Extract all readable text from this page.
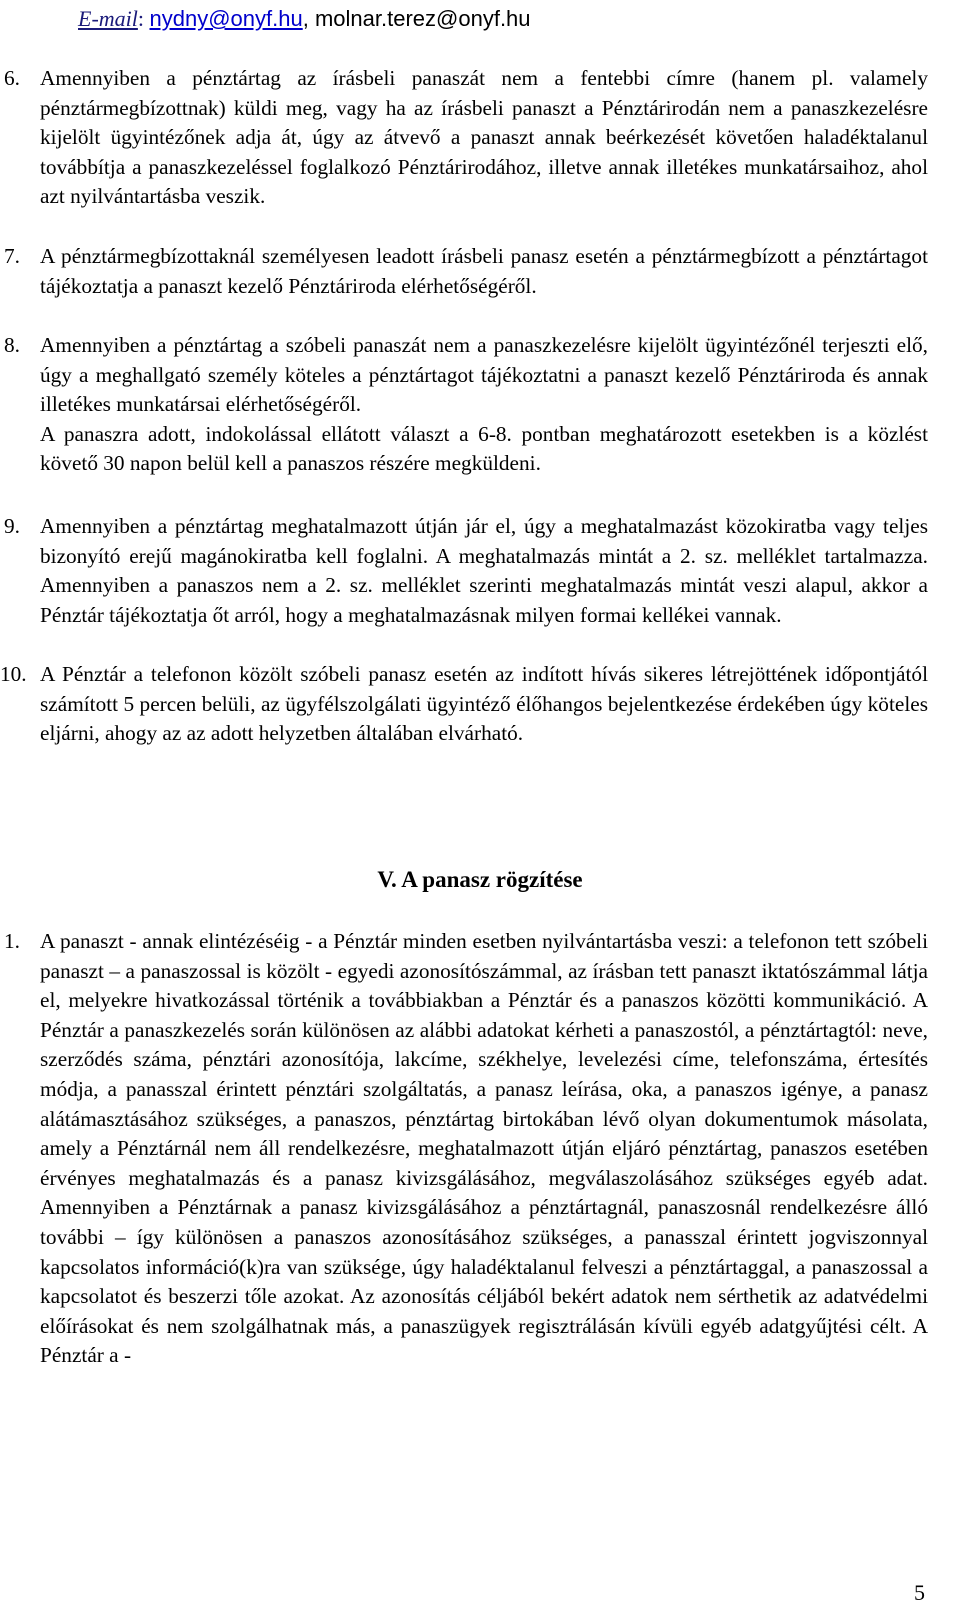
E-mail: nydny@onyf.hu, molnar.terez@onyf.hu
6. Amennyiben a pénztártag az írásbeli panaszát nem a fentebbi címre (hanem pl. valamely pénztármegbízottnak) küldi meg, vagy ha az írásbeli panaszt a Pénztárirodán nem a panaszkezelésre kijelölt ügyintézőnek adja át, úgy az átvevő a panaszt annak beérkezését követően haladéktalanul továbbítja a panaszkezeléssel foglalkozó Pénztárirodához, illetve annak illetékes munkatársaihoz, ahol azt nyilvántartásba veszik.

7. A pénztármegbízottaknál személyesen leadott írásbeli panasz esetén a pénztármegbízott a pénztártagot tájékoztatja a panaszt kezelő Pénztáriroda elérhetőségéről.

8. Amennyiben a pénztártag a szóbeli panaszát nem a panaszkezelésre kijelölt ügyintézőnél terjeszti elő, úgy a meghallgató személy köteles a pénztártagot tájékoztatni a panaszt kezelő Pénztáriroda és annak illetékes munkatársai elérhetőségéről.

A panaszra adott, indokolással ellátott választ a 6-8. pontban meghatározott esetekben is a közlést követő 30 napon belül kell a panaszos részére megküldeni.

9. Amennyiben a pénztártag meghatalmazott útján jár el, úgy a meghatalmazást közokiratba vagy teljes bizonyító erejű magánokiratba kell foglalni. A meghatalmazás mintát a 2. sz. melléklet tartalmazza. Amennyiben a panaszos nem a 2. sz. melléklet szerinti meghatalmazás mintát veszi alapul, akkor a Pénztár tájékoztatja őt arról, hogy a meghatalmazásnak milyen formai kellékei vannak.

10. A Pénztár a telefonon közölt szóbeli panasz esetén az indított hívás sikeres létrejöttének időpontjától számított 5 percen belüli, az ügyfélszolgálati ügyintéző élőhangos bejelentkezése érdekében úgy köteles eljárni, ahogy az az adott helyzetben általában elvárható.

V. A panasz rögzítése
1. A panaszt - annak elintézéséig - a Pénztár minden esetben nyilvántartásba veszi: a telefonon tett szóbeli panaszt – a panaszossal is közölt - egyedi azonosítószámmal, az írásban tett panaszt iktatószámmal látja el, melyekre hivatkozással történik a továbbiakban a Pénztár és a panaszos közötti kommunikáció. A Pénztár a panaszkezelés során különösen az alábbi adatokat kérheti a panaszostól, a pénztártagtól: neve, szerződés száma, pénztári azonosítója, lakcíme, székhelye, levelezési címe, telefonszáma, értesítés módja, a panasszal érintett pénztári szolgáltatás, a panasz leírása, oka, a panaszos igénye, a panasz alátámasztásához szükséges, a panaszos, pénztártag birtokában lévő olyan dokumentumok másolata, amely a Pénztárnál nem áll rendelkezésre, meghatalmazott útján eljáró pénztártag, panaszos esetében érvényes meghatalmazás és a panasz kivizsgálásához, megválaszolásához szükséges egyéb adat. Amennyiben a Pénztárnak a panasz kivizsgálásához a pénztártagnál, panaszosnál rendelkezésre álló további – így különösen a panaszos azonosításához szükséges, a panasszal érintett jogviszonnyal kapcsolatos információ(k)ra van szüksége, úgy haladéktalanul felveszi a pénztártaggal, a panaszossal a kapcsolatot és beszerzi tőle azokat. Az azonosítás céljából bekért adatok nem sérthetik az adatvédelmi előírásokat és nem szolgálhatnak más, a panaszügyek regisztrálásán kívüli egyéb adatgyűjtési célt. A Pénztár a -

5
